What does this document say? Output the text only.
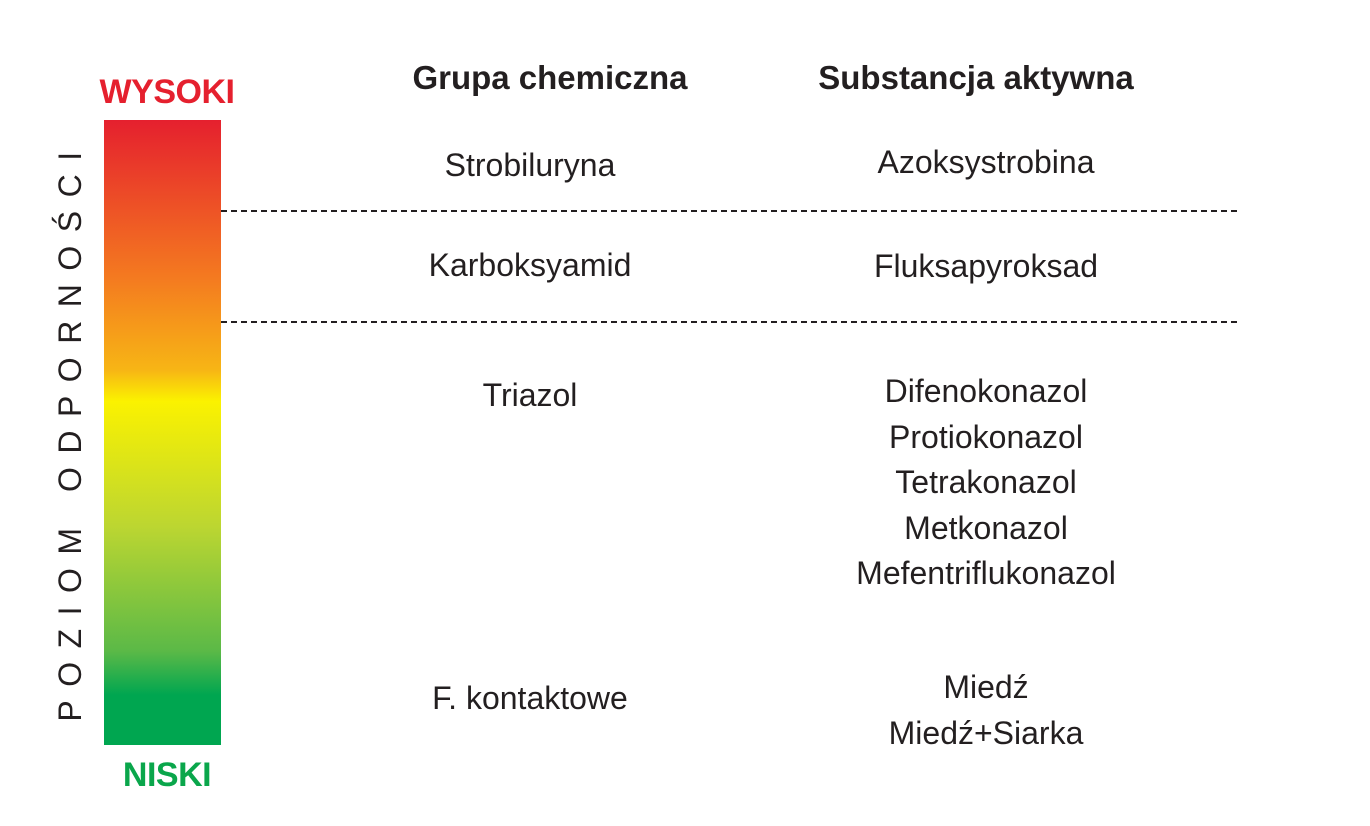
WYSOKI
NISKI
POZIOM ODPORNOŚCI
Grupa chemiczna	Substancja aktywna
Strobiluryna	Azoksystrobina
Karboksyamid	Fluksapyroksad
Triazol	Difenokonazol
Protiokonazol
Tetrakonazol
Metkonazol
Mefentriflukonazol
F. kontaktowe	Miedź
Miedź+Siarka
